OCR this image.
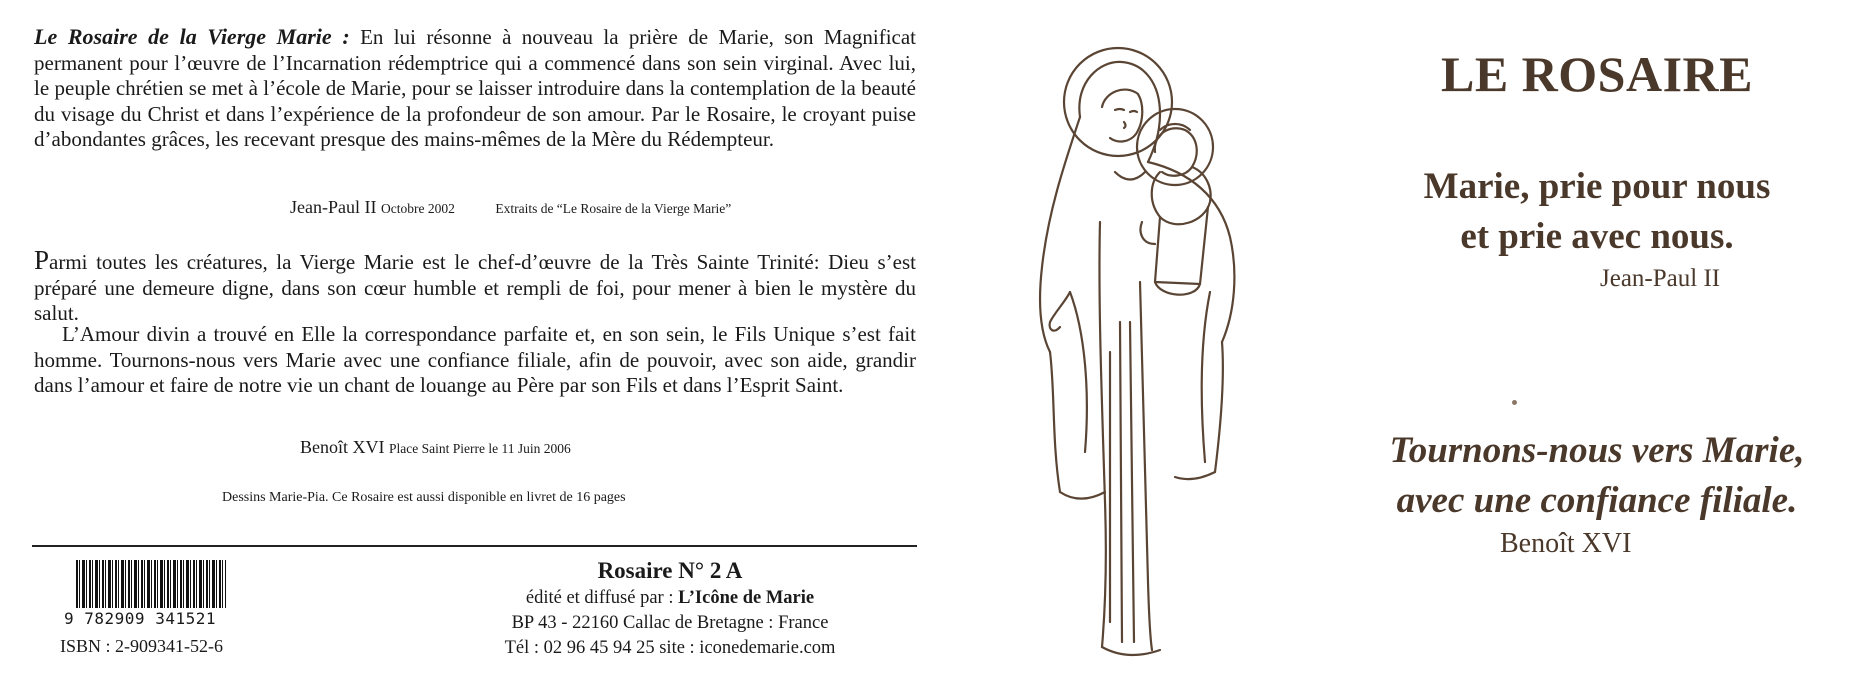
Le Rosaire de la Vierge Marie : En lui résonne à nouveau la prière de Marie, son Magnificat permanent pour l’œuvre de l’Incarnation rédemptrice qui a commencé dans son sein virginal. Avec lui, le peuple chrétien se met à l’école de Marie, pour se laisser introduire dans la contemplation de la beauté du visage du Christ et dans l’expérience de la profondeur de son amour. Par le Rosaire, le croyant puise d’abondantes grâces, les recevant presque des mains-mêmes de la Mère du Rédempteur.

Jean-Paul II Octobre 2002	Extraits de “Le Rosaire de la Vierge Marie”

Parmi toutes les créatures, la Vierge Marie est le chef-d’œuvre de la Très Sainte Trinité: Dieu s’est préparé une demeure digne, dans son cœur humble et rempli de foi, pour mener à bien le mystère du salut.

L’Amour divin a trouvé en Elle la correspondance parfaite et, en son sein, le Fils Unique s’est fait homme. Tournons-nous vers Marie avec une confiance filiale, afin de pouvoir, avec son aide, grandir dans l’amour et faire de notre vie un chant de louange au Père par son Fils et dans l’Esprit Saint.

Benoît XVI Place Saint Pierre le 11 Juin 2006
Dessins Marie-Pia. Ce Rosaire est aussi disponible en livret de 16 pages
9 782909 341521
ISBN : 2-909341-52-6
Rosaire N° 2 A
édité et diffusé par : L’Icône de Marie
BP 43 - 22160 Callac de Bretagne : France
Tél : 02 96 45 94 25 site : iconedemarie.com
LE ROSAIRE
Marie, prie pour nous
et prie avec nous.
Jean-Paul II
Tournons-nous vers Marie,
avec une confiance filiale.
Benoît XVI
